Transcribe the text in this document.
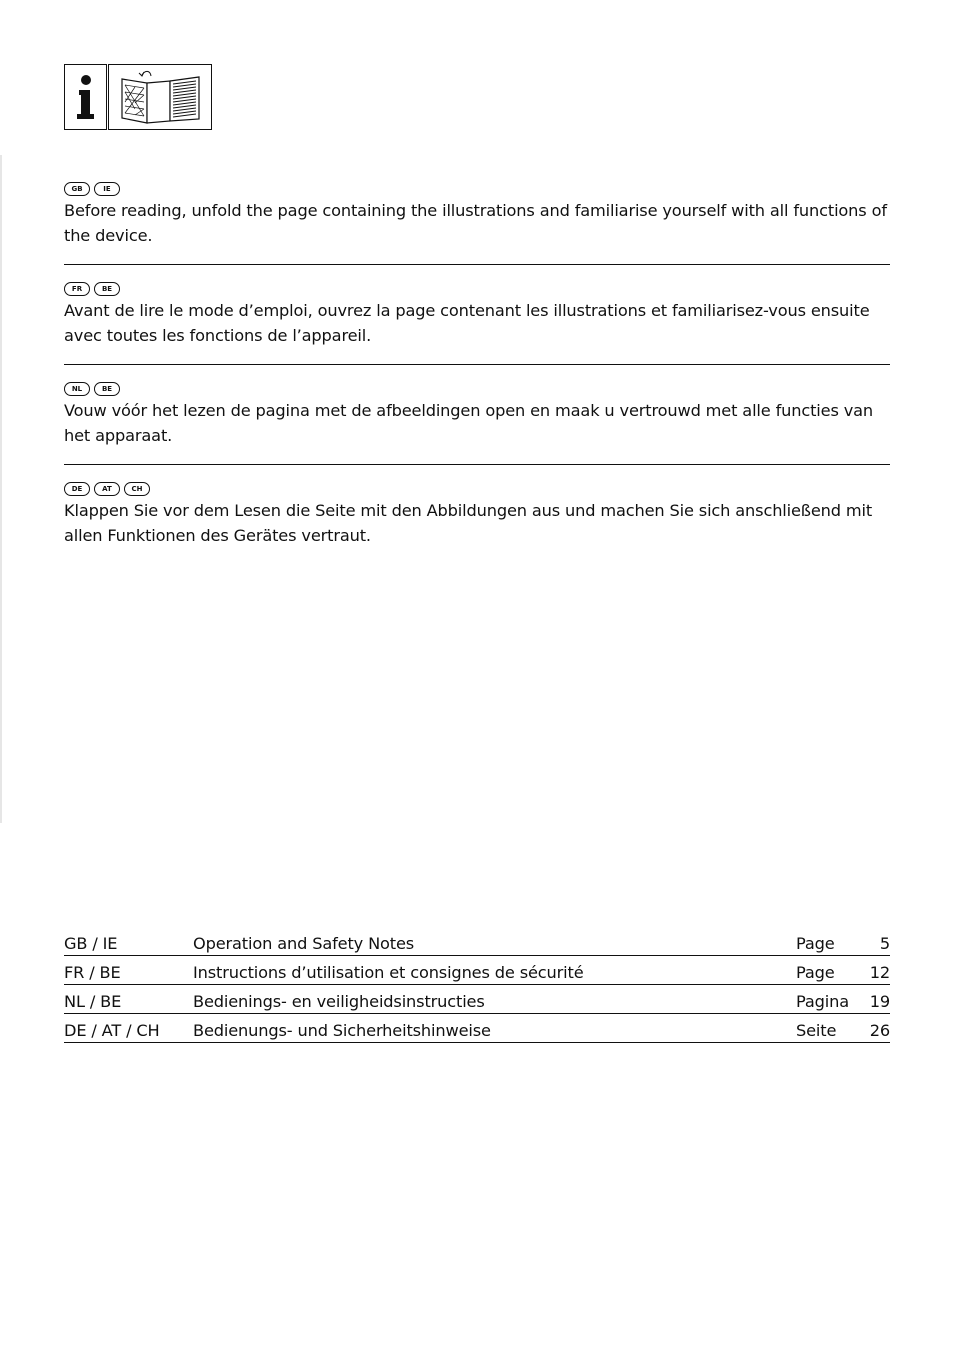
GB	IE

Before reading, unfold the page containing the illustrations and familiarise yourself with all functions of the device.

FR	BE

Avant de lire le mode d’emploi, ouvrez la page contenant les illustrations et familiarisez-vous ensuite avec toutes les fonctions de l’appareil.

NL	BE

Vouw vóór het lezen de pagina met de afbeeldingen open en maak u vertrouwd met alle functies van het apparaat.

DE	AT	CH

Klappen Sie vor dem Lesen die Seite mit den Abbildungen aus und machen Sie sich anschließend mit allen Funktionen des Gerätes vertraut.

GB / IE	Operation and Safety Notes	Page	5
FR / BE	Instructions d’utilisation et consignes de sécurité	Page	12
NL / BE	Bedienings- en veiligheidsinstructies	Pagina	19
DE / AT / CH	Bedienungs- und Sicherheitshinweise	Seite	26
